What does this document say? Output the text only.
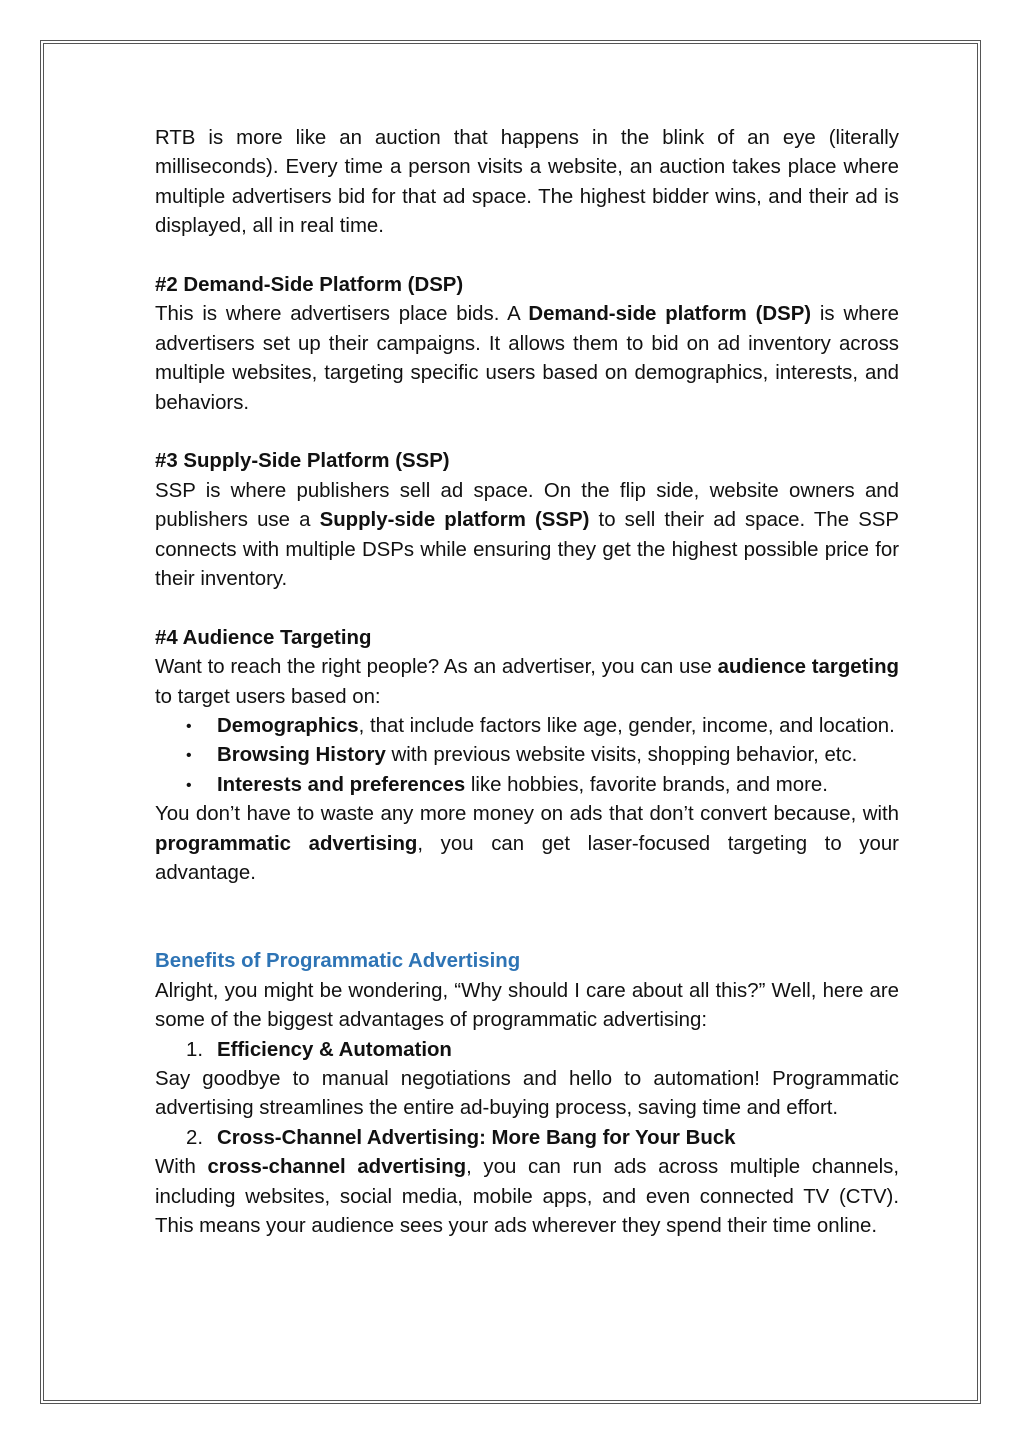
RTB is more like an auction that happens in the blink of an eye (literally milliseconds). Every time a person visits a website, an auction takes place where multiple advertisers bid for that ad space. The highest bidder wins, and their ad is displayed, all in real time.

#2 Demand-Side Platform (DSP)

This is where advertisers place bids. A Demand-side platform (DSP) is where advertisers set up their campaigns. It allows them to bid on ad inventory across multiple websites, targeting specific users based on demographics, interests, and behaviors.

#3 Supply-Side Platform (SSP)

SSP is where publishers sell ad space. On the flip side, website owners and publishers use a Supply-side platform (SSP) to sell their ad space. The SSP connects with multiple DSPs while ensuring they get the highest possible price for their inventory.

#4 Audience Targeting

Want to reach the right people? As an advertiser, you can use audience targeting to target users based on:

• Demographics, that include factors like age, gender, income, and location.
• Browsing History with previous website visits, shopping behavior, etc.
• Interests and preferences like hobbies, favorite brands, and more.

You don’t have to waste any more money on ads that don’t convert because, with programmatic advertising, you can get laser-focused targeting to your advantage.

Benefits of Programmatic Advertising

Alright, you might be wondering, “Why should I care about all this?” Well, here are some of the biggest advantages of programmatic advertising:

1. Efficiency & Automation

Say goodbye to manual negotiations and hello to automation! Programmatic advertising streamlines the entire ad-buying process, saving time and effort.

2. Cross-Channel Advertising: More Bang for Your Buck

With cross-channel advertising, you can run ads across multiple channels, including websites, social media, mobile apps, and even connected TV (CTV). This means your audience sees your ads wherever they spend their time online.
